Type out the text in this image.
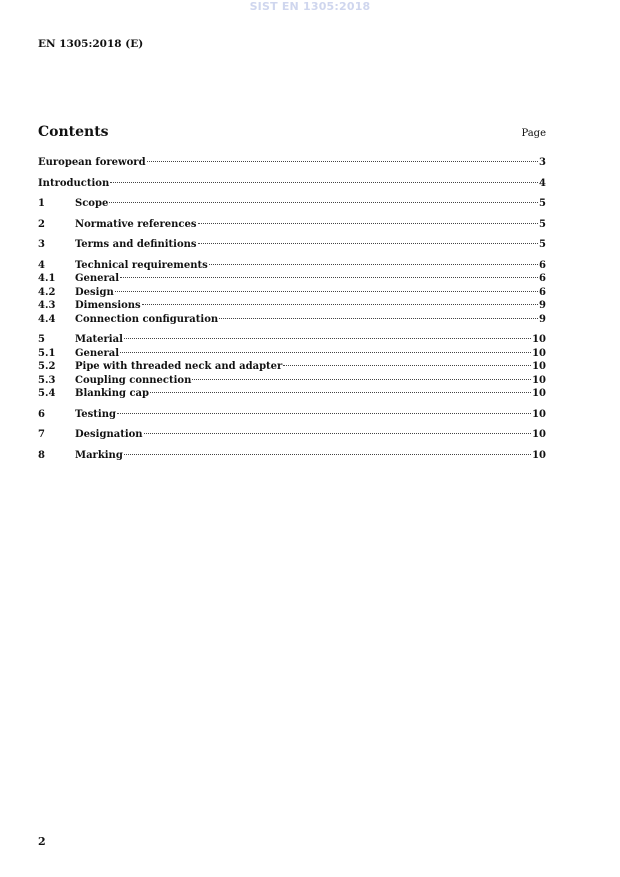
SIST EN 1305:2018
EN 1305:2018 (E)
Contents	Page
European foreword	3
Introduction	4
1	Scope	5
2	Normative references	5
3	Terms and definitions	5
4	Technical requirements	6
4.1	General	6
4.2	Design	6
4.3	Dimensions	9
4.4	Connection configuration	9
5	Material	10
5.1	General	10
5.2	Pipe with threaded neck and adapter	10
5.3	Coupling connection	10
5.4	Blanking cap	10
6	Testing	10
7	Designation	10
8	Marking	10
2
